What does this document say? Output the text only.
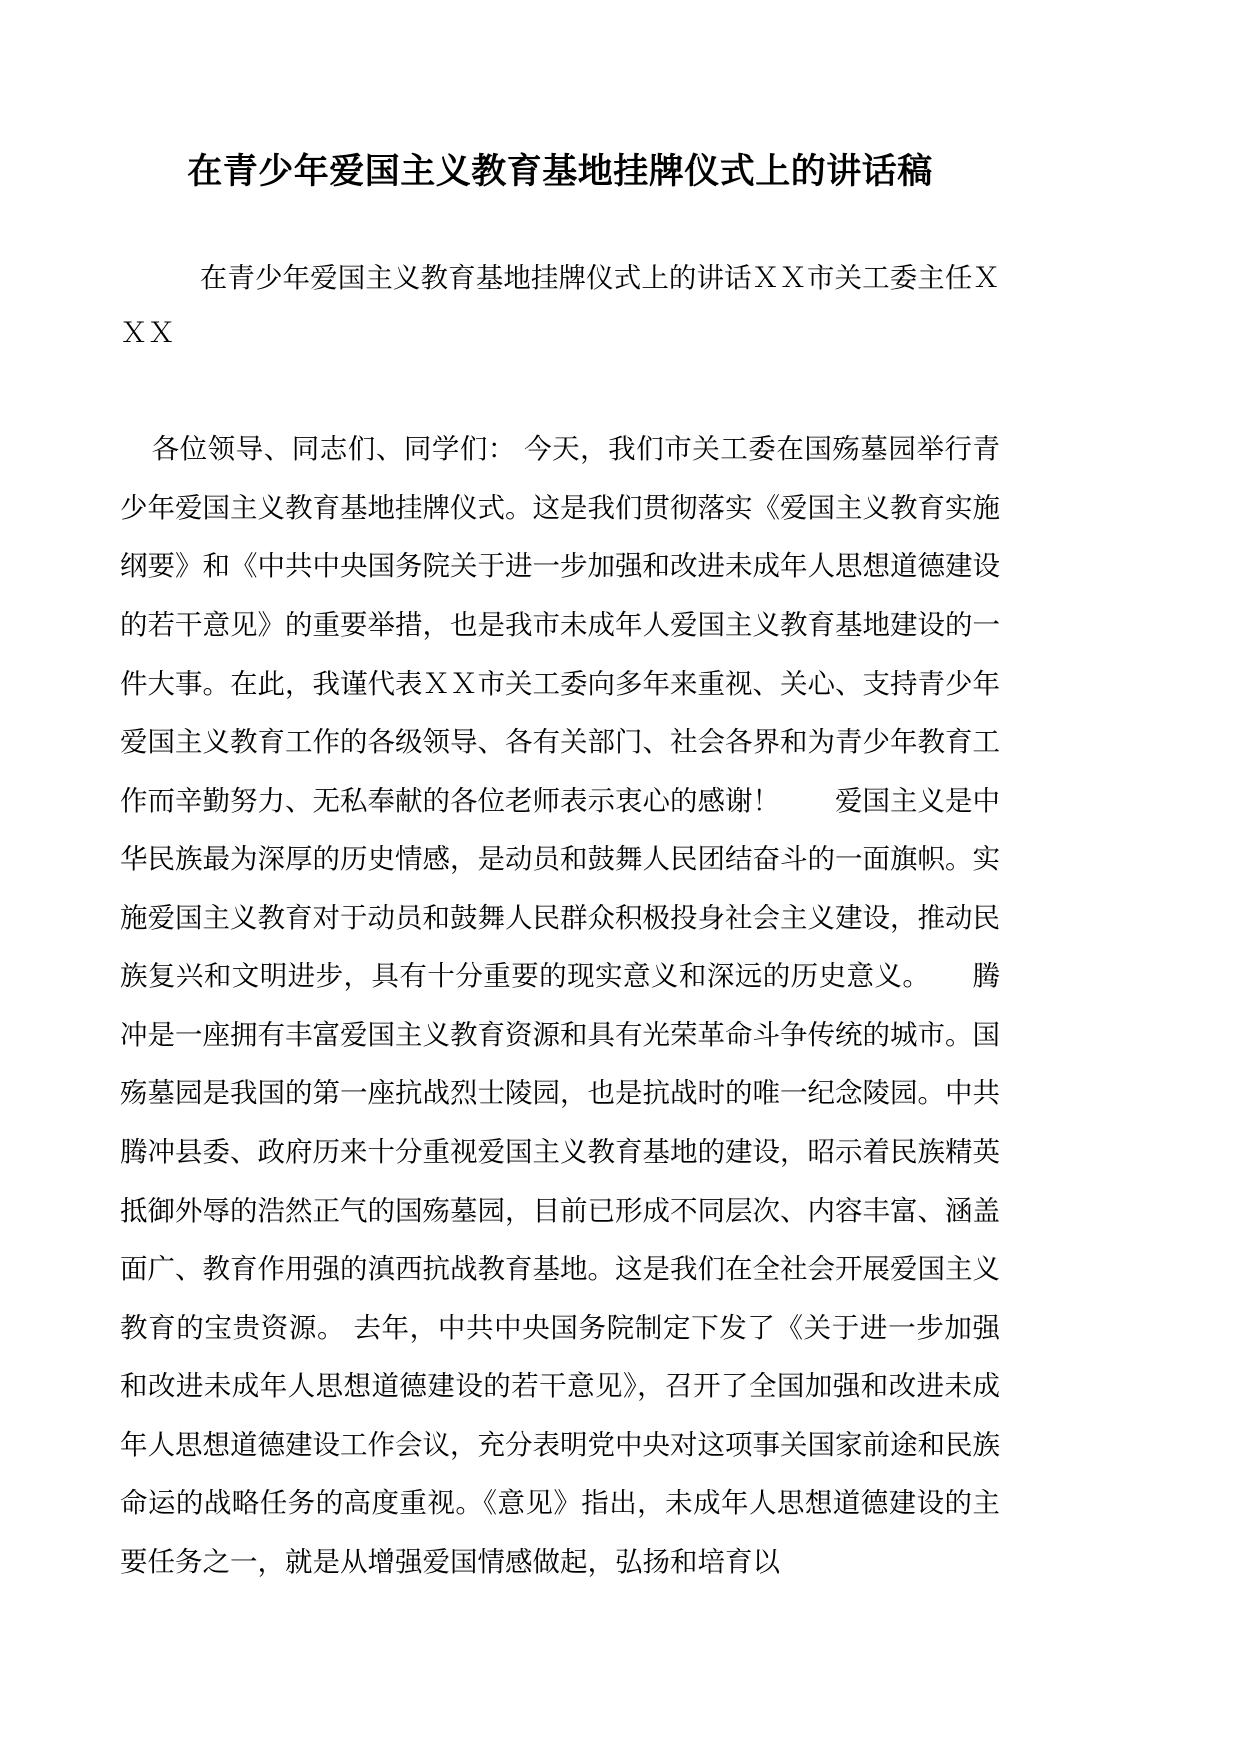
在青少年爱国主义教育基地挂牌仪式上的讲话稿

在青少年爱国主义教育基地挂牌仪式上的讲话ＸＸ市关工委主任ＸＸＸ

各位领导、同志们、同学们： 今天，我们市关工委在国殇墓园举行青少年爱国主义教育基地挂牌仪式。这是我们贯彻落实《爱国主义教育实施纲要》和《中共中央国务院关于进一步加强和改进未成年人思想道德建设的若干意见》的重要举措，也是我市未成年人爱国主义教育基地建设的一件大事。在此，我谨代表ＸＸ市关工委向多年来重视、关心、支持青少年爱国主义教育工作的各级领导、各有关部门、社会各界和为青少年教育工作而辛勤努力、无私奉献的各位老师表示衷心的感谢！　　爱国主义是中华民族最为深厚的历史情感，是动员和鼓舞人民团结奋斗的一面旗帜。实施爱国主义教育对于动员和鼓舞人民群众积极投身社会主义建设，推动民族复兴和文明进步，具有十分重要的现实意义和深远的历史意义。　　腾冲是一座拥有丰富爱国主义教育资源和具有光荣革命斗争传统的城市。国殇墓园是我国的第一座抗战烈士陵园，也是抗战时的唯一纪念陵园。中共腾冲县委、政府历来十分重视爱国主义教育基地的建设，昭示着民族精英抵御外辱的浩然正气的国殇墓园，目前已形成不同层次、内容丰富、涵盖面广、教育作用强的滇西抗战教育基地。这是我们在全社会开展爱国主义教育的宝贵资源。 去年，中共中央国务院制定下发了《关于进一步加强和改进未成年人思想道德建设的若干意见》，召开了全国加强和改进未成年人思想道德建设工作会议，充分表明党中央对这项事关国家前途和民族命运的战略任务的高度重视。《意见》指出，未成年人思想道德建设的主要任务之一，就是从增强爱国情感做起，弘扬和培育以
